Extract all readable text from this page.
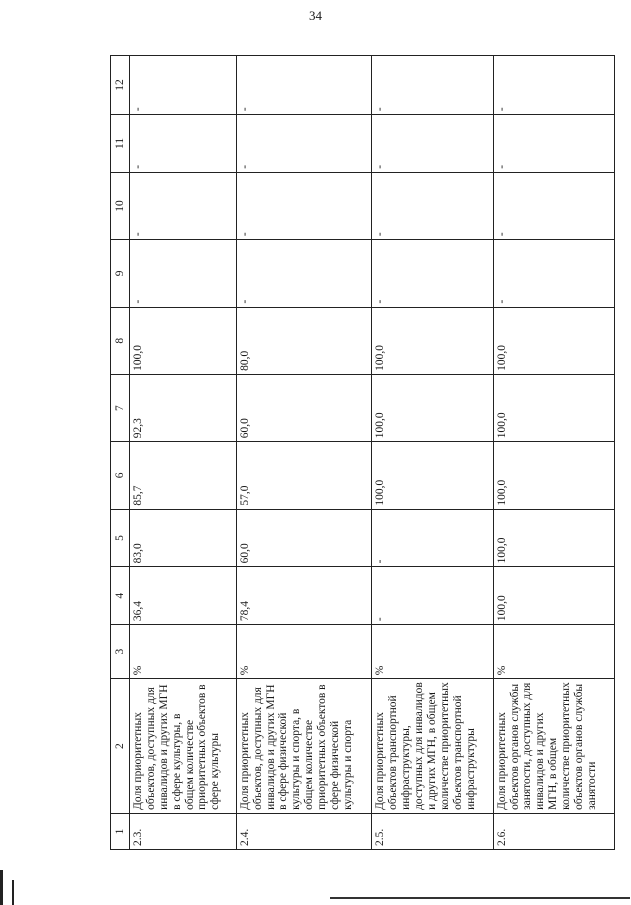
34
1	2	3	4	5	6	7	8	9	10	11	12
2.3.	Доля приоритетных объектов, доступных для инвалидов и других МГН в сфере культуры, в общем количестве приоритетных объектов в сфере культуры	%	36,4	83,0	85,7	92,3	100,0	-	-	-	-
2.4.	Доля приоритетных объектов, доступных для инвалидов и других МГН в сфере физической культуры и спорта, в общем количестве приоритетных объектов в сфере физической культуры и спорта	%	78,4	60,0	57,0	60,0	80,0	-	-	-	-
2.5.	Доля приоритетных объектов транспортной инфраструктуры, доступных для инвалидов и других МГН, в общем количестве приоритетных объектов транспортной инфраструктуры	%	-	-	100,0	100,0	100,0	-	-	-	-
2.6.	Доля приоритетных объектов органов службы занятости, доступных для инвалидов и других МГН, в общем количестве приоритетных объектов органов службы занятости	%	100,0	100,0	100,0	100,0	100,0	-	-	-	-
